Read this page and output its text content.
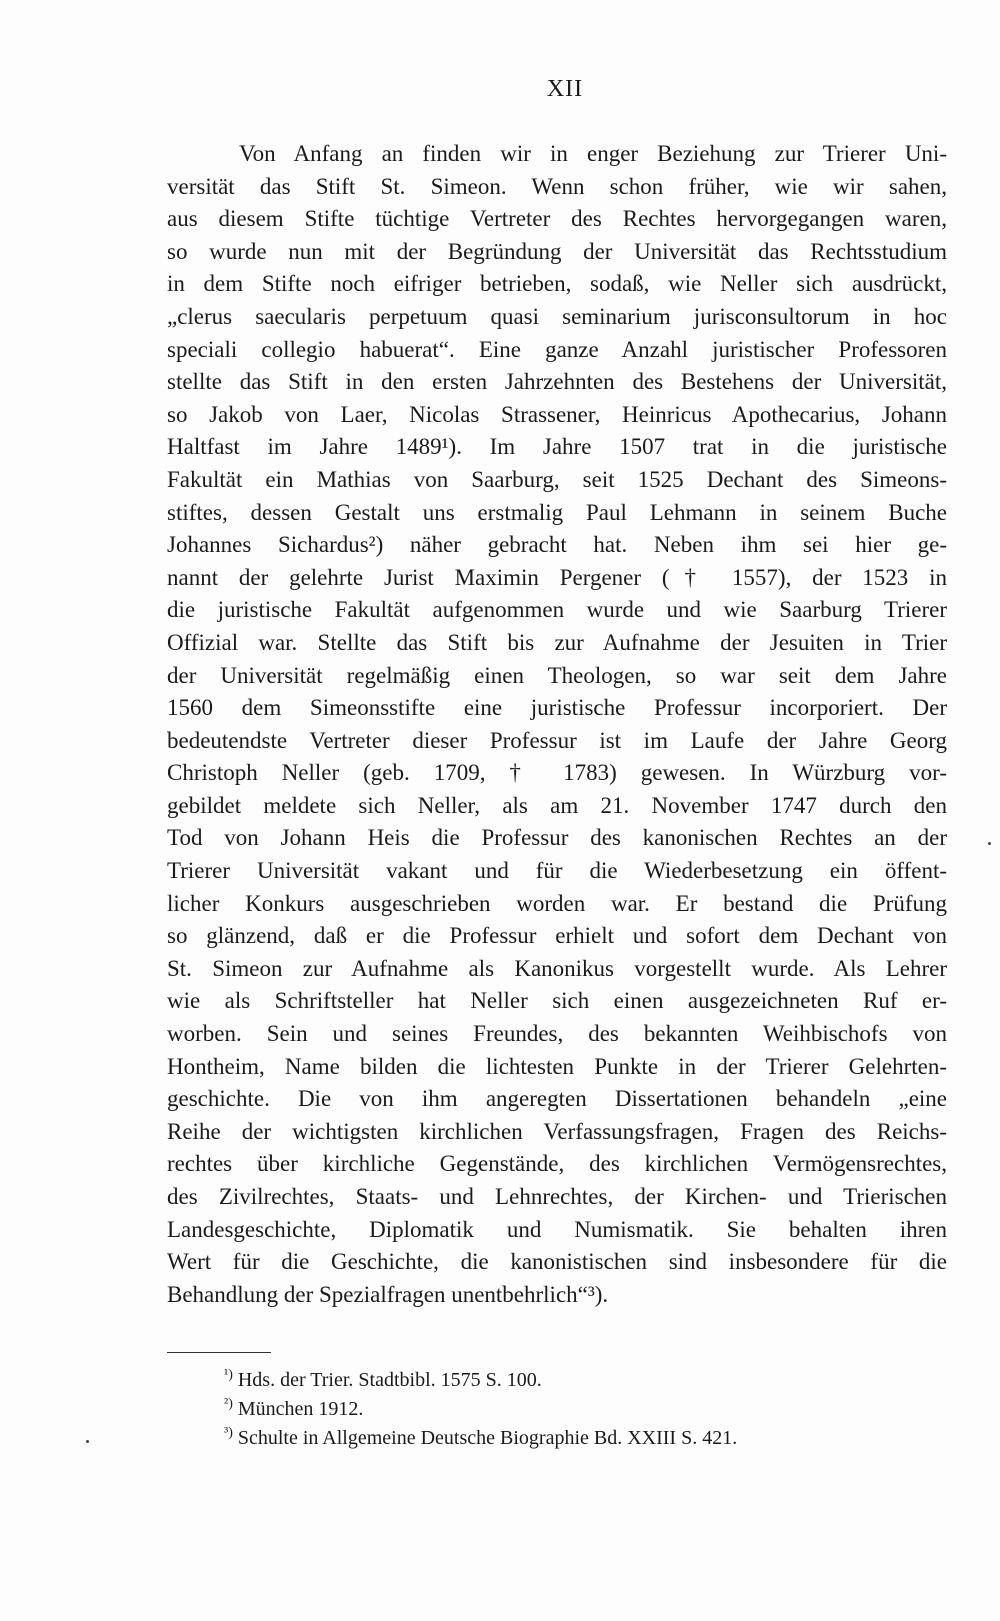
XII
Von Anfang an finden wir in enger Beziehung zur Trierer Uni-
versität das Stift St. Simeon. Wenn schon früher, wie wir sahen,
aus diesem Stifte tüchtige Vertreter des Rechtes hervorgegangen waren,
so wurde nun mit der Begründung der Universität das Rechtsstudium
in dem Stifte noch eifriger betrieben, sodaß, wie Neller sich ausdrückt,
„clerus saecularis perpetuum quasi seminarium jurisconsultorum in hoc
speciali collegio habuerat“. Eine ganze Anzahl juristischer Professoren
stellte das Stift in den ersten Jahrzehnten des Bestehens der Universität,
so Jakob von Laer, Nicolas Strassener, Heinricus Apothecarius, Johann
Haltfast im Jahre 1489¹). Im Jahre 1507 trat in die juristische
Fakultät ein Mathias von Saarburg, seit 1525 Dechant des Simeons-
stiftes, dessen Gestalt uns erstmalig Paul Lehmann in seinem Buche
Johannes Sichardus²) näher gebracht hat. Neben ihm sei hier ge-
nannt der gelehrte Jurist Maximin Pergener († 1557), der 1523 in
die juristische Fakultät aufgenommen wurde und wie Saarburg Trierer
Offizial war. Stellte das Stift bis zur Aufnahme der Jesuiten in Trier
der Universität regelmäßig einen Theologen, so war seit dem Jahre
1560 dem Simeonsstifte eine juristische Professur incorporiert. Der
bedeutendste Vertreter dieser Professur ist im Laufe der Jahre Georg
Christoph Neller (geb. 1709, † 1783) gewesen. In Würzburg vor-
gebildet meldete sich Neller, als am 21. November 1747 durch den
Tod von Johann Heis die Professur des kanonischen Rechtes an der
Trierer Universität vakant und für die Wiederbesetzung ein öffent-
licher Konkurs ausgeschrieben worden war. Er bestand die Prüfung
so glänzend, daß er die Professur erhielt und sofort dem Dechant von
St. Simeon zur Aufnahme als Kanonikus vorgestellt wurde. Als Lehrer
wie als Schriftsteller hat Neller sich einen ausgezeichneten Ruf er-
worben. Sein und seines Freundes, des bekannten Weihbischofs von
Hontheim, Name bilden die lichtesten Punkte in der Trierer Gelehrten-
geschichte. Die von ihm angeregten Dissertationen behandeln „eine
Reihe der wichtigsten kirchlichen Verfassungsfragen, Fragen des Reichs-
rechtes über kirchliche Gegenstände, des kirchlichen Vermögensrechtes,
des Zivilrechtes, Staats- und Lehnrechtes, der Kirchen- und Trierischen
Landesgeschichte, Diplomatik und Numismatik. Sie behalten ihren
Wert für die Geschichte, die kanonistischen sind insbesondere für die
Behandlung der Spezialfragen unentbehrlich“³).
$^{^1)}$ Hds. der Trier. Stadtbibl. 1575 S. 100.
$^{^2)}$ München 1912.
$^{^3)}$ Schulte in Allgemeine Deutsche Biographie Bd. XXIII S. 421.
